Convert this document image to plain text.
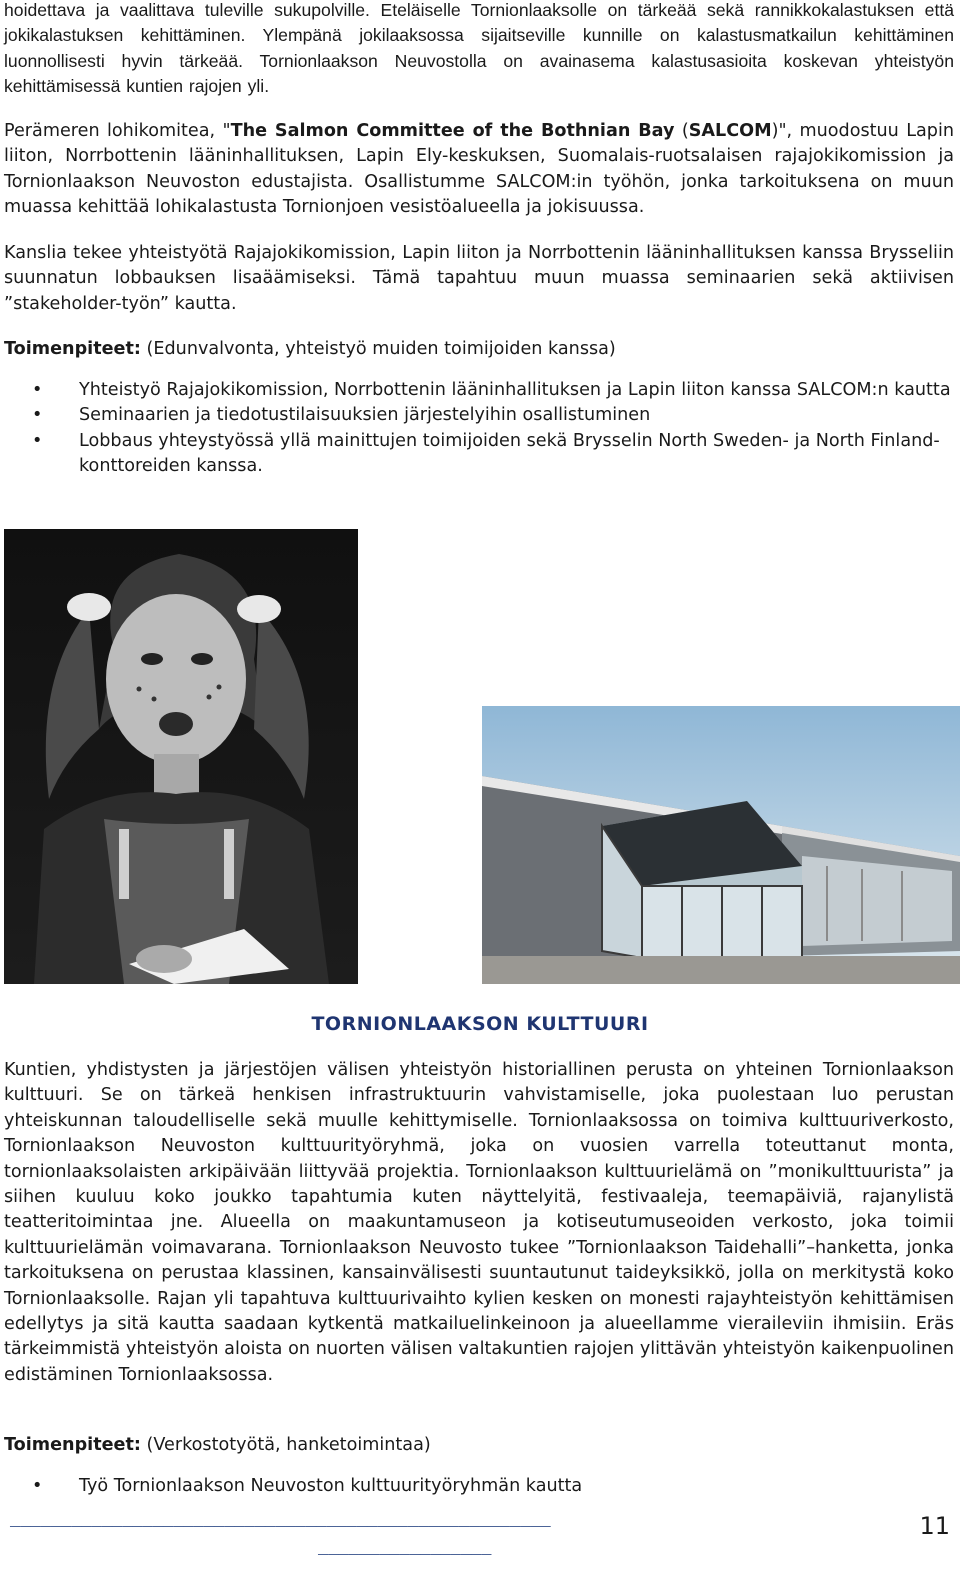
hoidettava ja vaalittava tuleville sukupolville. Eteläiselle Tornionlaaksolle on tärkeää sekä rannikkokalastuksen että jokikalastuksen kehittäminen. Ylempänä jokilaaksossa sijaitseville kunnille on kalastusmatkailun kehittäminen luonnollisesti hyvin tärkeää. Tornionlaakson Neuvostolla on avainasema kalastusasioita koskevan yhteistyön kehittämisessä kuntien rajojen yli.

Perämeren lohikomitea, "The Salmon Committee of the Bothnian Bay (SALCOM)", muodostuu Lapin liiton, Norrbottenin lääninhallituksen, Lapin Ely-keskuksen, Suomalais-ruotsalaisen rajajokikomission ja Tornionlaakson Neuvoston edustajista. Osallistumme SALCOM:in työhön, jonka tarkoituksena on muun muassa kehittää lohikalastusta Tornionjoen vesistöalueella ja jokisuussa.

Kanslia tekee yhteistyötä Rajajokikomission, Lapin liiton ja Norrbottenin lääninhallituksen kanssa Brysseliin suunnatun lobbauksen lisaäämiseksi. Tämä tapahtuu muun muassa seminaarien sekä aktiivisen ”stakeholder-työn” kautta.

Toimenpiteet: (Edunvalvonta, yhteistyö muiden toimijoiden kanssa)

• Yhteistyö Rajajokikomission, Norrbottenin lääninhallituksen ja Lapin liiton kanssa SALCOM:n kautta
• Seminaarien ja tiedotustilaisuuksien järjestelyihin osallistuminen
• Lobbaus yhteystyössä yllä mainittujen toimijoiden sekä Brysselin North Sweden- ja North Finland- konttoreiden kanssa.
TORNIONLAAKSON KULTTUURI

Kuntien, yhdistysten ja järjestöjen välisen yhteistyön historiallinen perusta on yhteinen Tornionlaakson kulttuuri. Se on tärkeä henkisen infrastruktuurin vahvistamiselle, joka puolestaan luo perustan yhteiskunnan taloudelliselle sekä muulle kehittymiselle. Tornionlaaksossa on toimiva kulttuuriverkosto, Tornionlaakson Neuvoston kulttuurityöryhmä, joka on vuosien varrella toteuttanut monta, tornionlaaksolaisten arkipäivään liittyvää projektia. Tornionlaakson kulttuurielämä on ”monikulttuurista” ja siihen kuuluu koko joukko tapahtumia kuten näyttelyitä, festivaaleja, teemapäiviä, rajanylistä teatteritoimintaa jne. Alueella on maakuntamuseon ja kotiseutumuseoiden verkosto, joka toimii kulttuurielämän voimavarana. Tornionlaakson Neuvosto tukee ”Tornionlaakson Taidehalli”–hanketta, jonka tarkoituksena on perustaa klassinen, kansainvälisesti suuntautunut taideyksikkö, jolla on merkitystä koko Tornionlaaksolle. Rajan yli tapahtuva kulttuurivaihto kylien kesken on monesti rajayhteistyön kehittämisen edellytys ja sitä kautta saadaan kytkentä matkailuelinkeinoon ja alueellamme vieraileviin ihmisiin. Eräs tärkeimmistä yhteistyön aloista on nuorten välisen valtakuntien rajojen ylittävän yhteistyön kaikenpuolinen edistäminen Tornionlaaksossa.

Toimenpiteet: (Verkostotyötä, hanketoimintaa)

• Työ Tornionlaakson Neuvoston kulttuurityöryhmän kautta
_____________________________________________________
_________________
11
